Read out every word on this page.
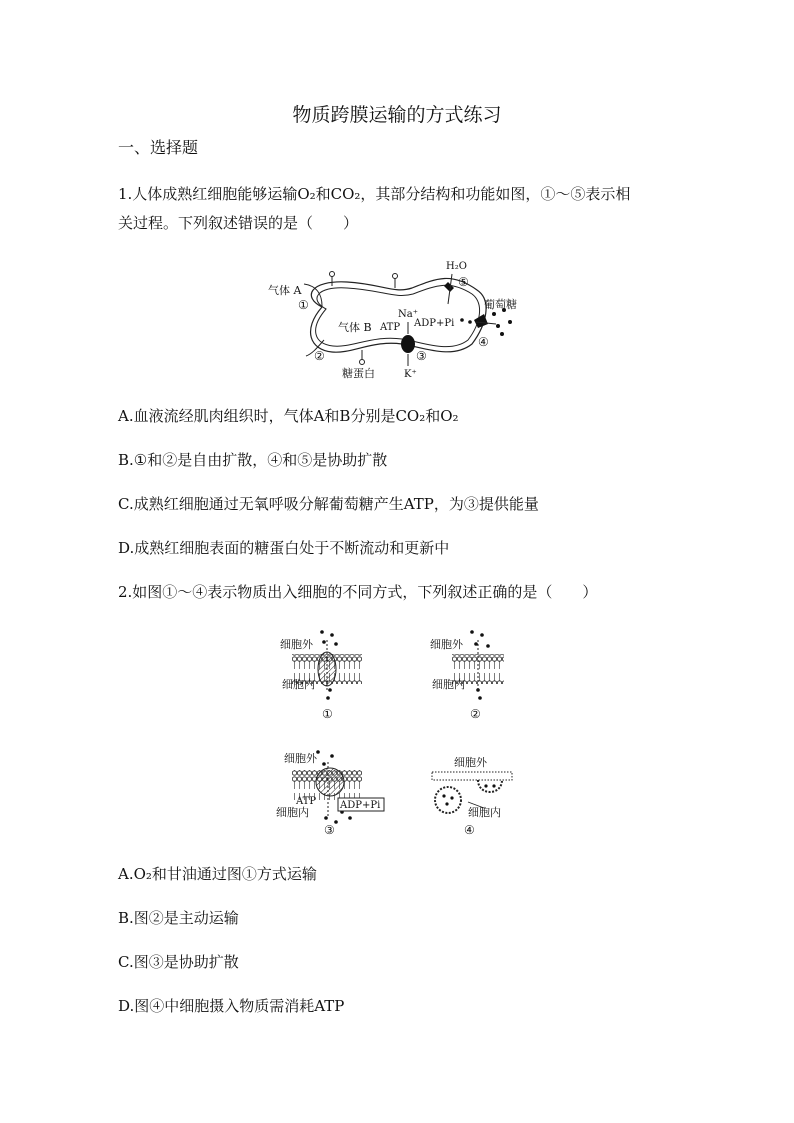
物质跨膜运输的方式练习
一、选择题
1.人体成熟红细胞能够运输O₂和CO₂，其部分结构和功能如图，①～⑤表示相
关过程。下列叙述错误的是（　　）
气体 A
①
气体 B
②
糖蛋白
Na⁺
ATP ADP+Pi
③
K⁺
H₂O
⑤
葡萄糖
④
A.血液流经肌肉组织时，气体A和B分别是CO₂和O₂
B.①和②是自由扩散，④和⑤是协助扩散
C.成熟红细胞通过无氧呼吸分解葡萄糖产生ATP，为③提供能量
D.成熟红细胞表面的糖蛋白处于不断流动和更新中
2.如图①～④表示物质出入细胞的不同方式，下列叙述正确的是（　　）
细胞外
细胞内
①
细胞外
细胞内
②
ADP+Pi
ATP
细胞外
细胞内
③
细胞外
细胞内
④
A.O₂和甘油通过图①方式运输
B.图②是主动运输
C.图③是协助扩散
D.图④中细胞摄入物质需消耗ATP
